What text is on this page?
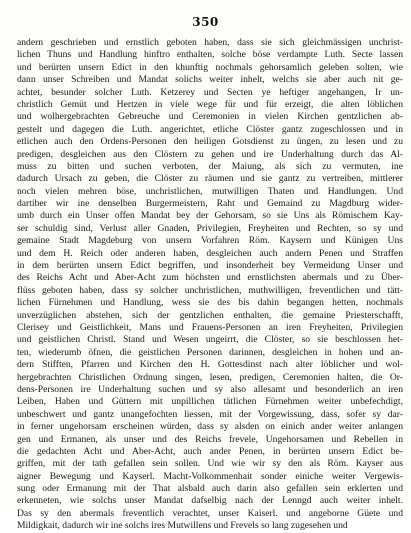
350
andern geschrieben und ernstlich geboten haben, dass sie sich gleichmässigen unchrist-
lichen Thuns und Handlung hinftro enthalten, solche böse verdampte Luth. Secte lassen
und berürten unsern Edict in den khunftig nochmals gehorsamlich geleben solten, wie
dann unser Schreiben und Mandat solichs weiter inhelt, welchs sie aber auch nit ge-
achtet, besunder solcher Luth. Ketzerey und Secten ye heftiger angehangen, Ir un-
christlich Gemüt und Hertzen in viele wege für und für erzeigt, die alten löblichen
und wolhergebrachten Gebreuche und Ceremonien in vielen Kirchen gentzlichen ab-
gestelt und dagegen die Luth. angerichtet, etliche Clöster gantz zugeschlossen und in
etlichen auch den Ordens-Personen den heiligen Gotsdienst zu üngen, zu lesen und zu
predigen, desgleichen aus den Clöstern zu gehen und ire Underhaltung durch das Al-
muss zu bitten und suchen verboten, der Maiung, als sich zu vermuten, ine
dadurch Ursach zu geben, die Clöster zu räumen und sie gantz zu vertreiben, mittlerer
noch vielen mehren böse, unchristlichen, mutwilligen Thaten und Handlungen. Und
dartiber wir ine denselben Burgermeistern, Raht und Gemaind zu Magdburg wider-
umb durch ein Unser offen Mandat bey der Gehorsam, so sie Uns als Römischem Kay-
ser schuldig sind, Verlust aller Gnaden, Privilegien, Freyheiten und Rechten, so sy und
gemaine Stadt Magdeburg von unsern Vorfahren Röm. Kaysern und Künigen Uns
und dem H. Reich oder anderen haben, desgleichen auch andern Penen und Straffen
in dem berürten unsern Edict begriffen, und insonderheit bey Vermeidung Unser und
des Reichs Acht und Aber-Acht zum höchsten und ernstlichsten abermals und zu Über-
flüss geboten haben, dass sy solcher unchristlichen, muthwilligen, freventlichen und tätt-
lichen Fürnehmen und Handlung, wess sie des bis dahin begangen hetten, nochmals
unverzüglichen abstehen, sich der gentzlichen enthalten, die gemaine Priesterschafft,
Clerisey und Geistlichkeit, Mans und Frauens-Personen an iren Freyheiten, Privilegien
und geistlichen Christl. Stand und Wesen ungeirrt, die Clöster, so sie beschlossen het-
ten, wiederumb öfnen, die geistlichen Personen darinnen, desgleichen in hohen und an-
dern Stifften, Pfarren und Kirchen den H. Gottesdinst nach alter löblicher und wol-
hergebrachten Christlichen Ordnung singen, lesen, predigen, Ceremonien halten, die Or-
dens-Personen ire Underhaltung suchen und sy also allesamt und besonderlich an iren
Leiben, Haben und Güttern mit unpillichen tätlichen Fürnehmen weiter unbefechdigt,
unbeschwert und gantz unangefochten liessen, mit der Vorgewissung, dass, sofer sy dar-
in ferner ungehorsam erscheinen würden, dass sy alsden on einich ander weiter anlangen
gen und Ermanen, als unser und des Reichs frevele, Ungehorsamen und Rebellen in
die gedachten Acht und Aber-Acht, auch ander Penen, in berürten unsern Edict be-
griffen, mit der tath gefallen sein sollen. Und wie wir sy den als Röm. Kayser aus
aigner Bewegung und Kayserl. Macht-Volkommenhait sonder einiche weiter Vergewis-
sung oder Ermanung mit der That alsbald auch darin also gefallen sein erklerten und
erkenneten, wie solchs unser Mandat dafselbig nach der Lenngd auch weiter inhelt.
Das sy den abermals freventlich verachtet, unser Kaiserl. und angeborne Güete und
Mildigkait, dadurch wir ine solchs ires Mutwillens und Frevels so lang zugesehen und
